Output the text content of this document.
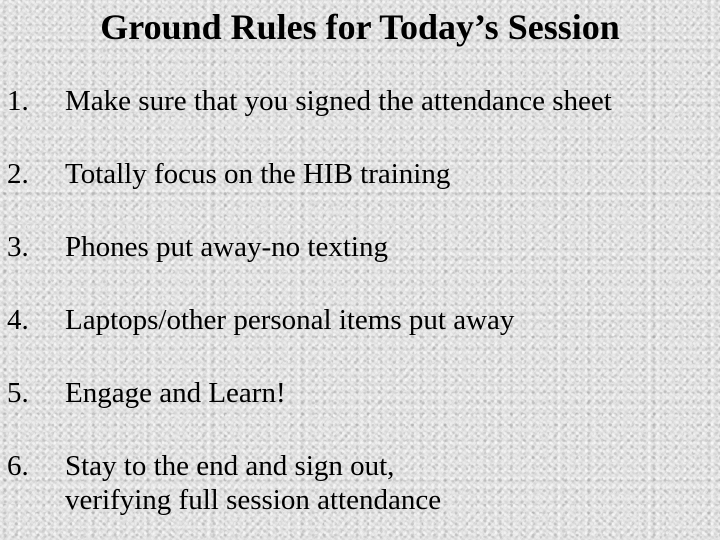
Ground Rules for Today’s Session
1. Make sure that you signed the attendance sheet
2. Totally focus on the HIB training
3. Phones put away-no texting
4. Laptops/other personal items put away
5. Engage and Learn!
6. Stay to the end and sign out,
verifying full session attendance
